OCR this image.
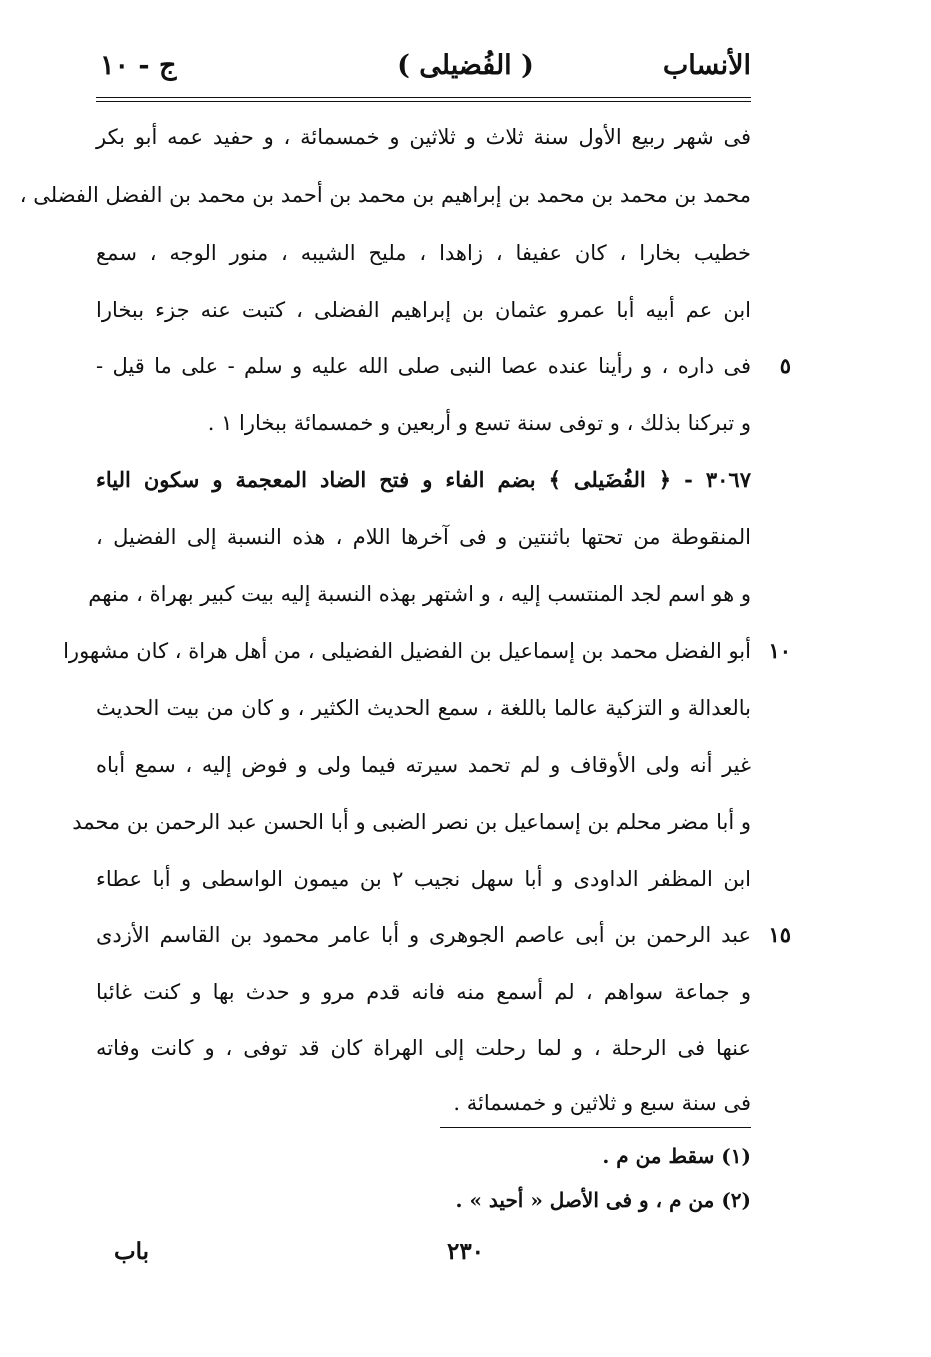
الأنساب
( الفُضيلى )
ج - ١٠
فى شهر ربيع الأول سنة ثلاث و ثلاثين و خمسمائة ، و حفيد عمه أبو بكر
محمد بن محمد بن محمد بن إبراهيم بن محمد بن أحمد بن محمد بن الفضل الفضلى ،
خطيب بخارا ، كان عفيفا ، زاهدا ، مليح الشيبه ، منور الوجه ، سمع
ابن عم أبيه أبا عمرو عثمان بن إبراهيم الفضلى ، كتبت عنه جزء ببخارا
٥
فى داره ، و رأينا عنده عصا النبى صلى الله عليه و سلم - على ما قيل -
و تبركنا بذلك ، و توفى سنة تسع و أربعين و خمسمائة ببخارا ١ .
٣٠٦٧ - ﴿ الفُضَيلى ﴾ بضم الفاء و فتح الضاد المعجمة و سكون الياء
المنقوطة من تحتها باثنتين و فى آخرها اللام ، هذه النسبة إلى الفضيل ،
و هو اسم لجد المنتسب إليه ، و اشتهر بهذه النسبة إليه بيت كبير بهراة ، منهم
١٠
أبو الفضل محمد بن إسماعيل بن الفضيل الفضيلى ، من أهل هراة ، كان مشهورا
بالعدالة و التزكية عالما باللغة ، سمع الحديث الكثير ، و كان من بيت الحديث
غير أنه ولى الأوقاف و لم تحمد سيرته فيما ولى و فوض إليه ، سمع أباه
و أبا مضر محلم بن إسماعيل بن نصر الضبى و أبا الحسن عبد الرحمن بن محمد
ابن المظفر الداودى و أبا سهل نجيب ٢ بن ميمون الواسطى و أبا عطاء
١٥
عبد الرحمن بن أبى عاصم الجوهرى و أبا عامر محمود بن القاسم الأزدى
و جماعة سواهم ، لم أسمع منه فانه قدم مرو و حدث بها و كنت غائبا
عنها فى الرحلة ، و لما رحلت إلى الهراة كان قد توفى ، و كانت وفاته
فى سنة سبع و ثلاثين و خمسمائة .
(١) سقط من م .
(٢) من م ، و فى الأصل « أحيد » .
٢٣٠
باب
